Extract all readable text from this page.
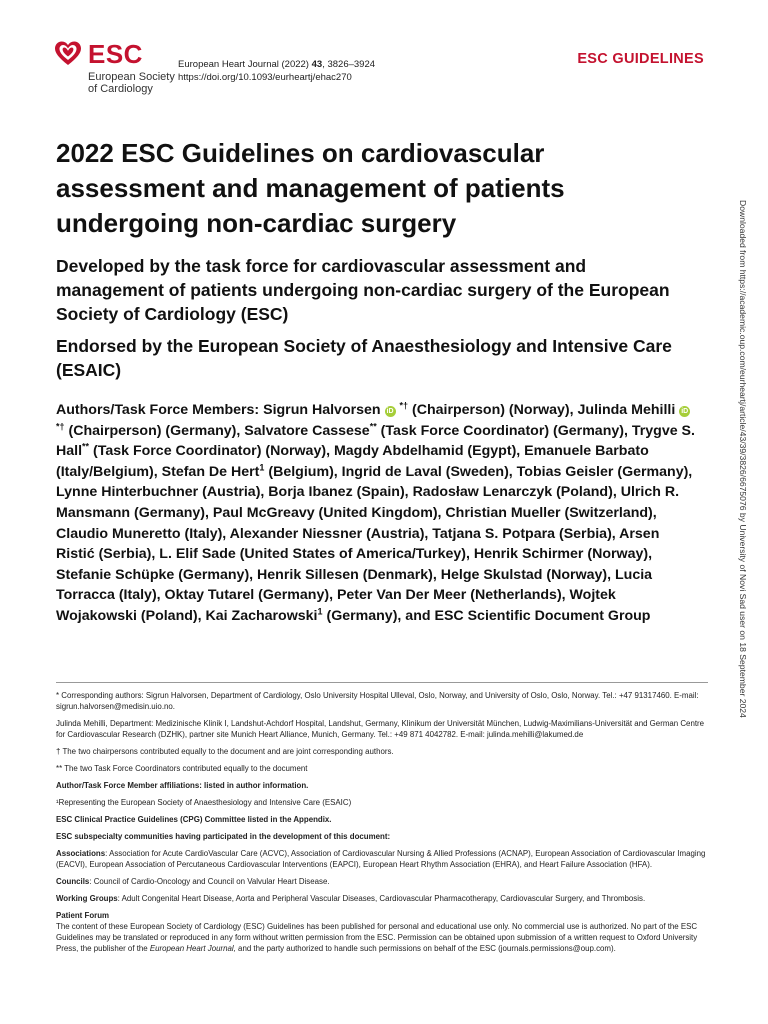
ESC
European Society
of Cardiology
European Heart Journal (2022) 43, 3826–3924
https://doi.org/10.1093/eurheartj/ehac270
ESC GUIDELINES
2022 ESC Guidelines on cardiovascular assessment and management of patients undergoing non-cardiac surgery
Developed by the task force for cardiovascular assessment and management of patients undergoing non-cardiac surgery of the European Society of Cardiology (ESC)
Endorsed by the European Society of Anaesthesiology and Intensive Care (ESAIC)

Authors/Task Force Members: Sigrun Halvorsen iD *† (Chairperson) (Norway), Julinda Mehilli iD *† (Chairperson) (Germany), Salvatore Cassese** (Task Force Coordinator) (Germany), Trygve S. Hall** (Task Force Coordinator) (Norway), Magdy Abdelhamid (Egypt), Emanuele Barbato (Italy/Belgium), Stefan De Hert$^1$ (Belgium), Ingrid de Laval (Sweden), Tobias Geisler (Germany), Lynne Hinterbuchner (Austria), Borja Ibanez (Spain), Radosław Lenarczyk (Poland), Ulrich R. Mansmann (Germany), Paul McGreavy (United Kingdom), Christian Mueller (Switzerland), Claudio Muneretto (Italy), Alexander Niessner (Austria), Tatjana S. Potpara (Serbia), Arsen Ristić (Serbia), L. Elif Sade (United States of America/Turkey), Henrik Schirmer (Norway), Stefanie Schüpke (Germany), Henrik Sillesen (Denmark), Helge Skulstad (Norway), Lucia Torracca (Italy), Oktay Tutarel (Germany), Peter Van Der Meer (Netherlands), Wojtek Wojakowski (Poland), Kai Zacharowski$^1$ (Germany), and ESC Scientific Document Group

* Corresponding authors: Sigrun Halvorsen, Department of Cardiology, Oslo University Hospital Ulleval, Oslo, Norway, and University of Oslo, Oslo, Norway. Tel.: +47 91317460. E-mail: sigrun.halvorsen@medisin.uio.no.

Julinda Mehilli, Department: Medizinische Klinik I, Landshut-Achdorf Hospital, Landshut, Germany, Klinikum der Universität München, Ludwig-Maximilians-Universität and German Centre for Cardiovascular Research (DZHK), partner site Munich Heart Alliance, Munich, Germany. Tel.: +49 871 4042782. E-mail: julinda.mehilli@lakumed.de

† The two chairpersons contributed equally to the document and are joint corresponding authors.

** The two Task Force Coordinators contributed equally to the document

Author/Task Force Member affiliations: listed in author information.

¹Representing the European Society of Anaesthesiology and Intensive Care (ESAIC)

ESC Clinical Practice Guidelines (CPG) Committee listed in the Appendix.

ESC subspecialty communities having participated in the development of this document:

Associations: Association for Acute CardioVascular Care (ACVC), Association of Cardiovascular Nursing & Allied Professions (ACNAP), European Association of Cardiovascular Imaging (EACVI), European Association of Percutaneous Cardiovascular Interventions (EAPCI), European Heart Rhythm Association (EHRA), and Heart Failure Association (HFA).

Councils: Council of Cardio-Oncology and Council on Valvular Heart Disease.

Working Groups: Adult Congenital Heart Disease, Aorta and Peripheral Vascular Diseases, Cardiovascular Pharmacotherapy, Cardiovascular Surgery, and Thrombosis.

Patient Forum

The content of these European Society of Cardiology (ESC) Guidelines has been published for personal and educational use only. No commercial use is authorized. No part of the ESC Guidelines may be translated or reproduced in any form without written permission from the ESC. Permission can be obtained upon submission of a written request to Oxford University Press, the publisher of the European Heart Journal, and the party authorized to handle such permissions on behalf of the ESC (journals.permissions@oup.com).

Downloaded from https://academic.oup.com/eurheartj/article/43/39/3826/6675076 by University of Novi Sad user on 18 September 2024
